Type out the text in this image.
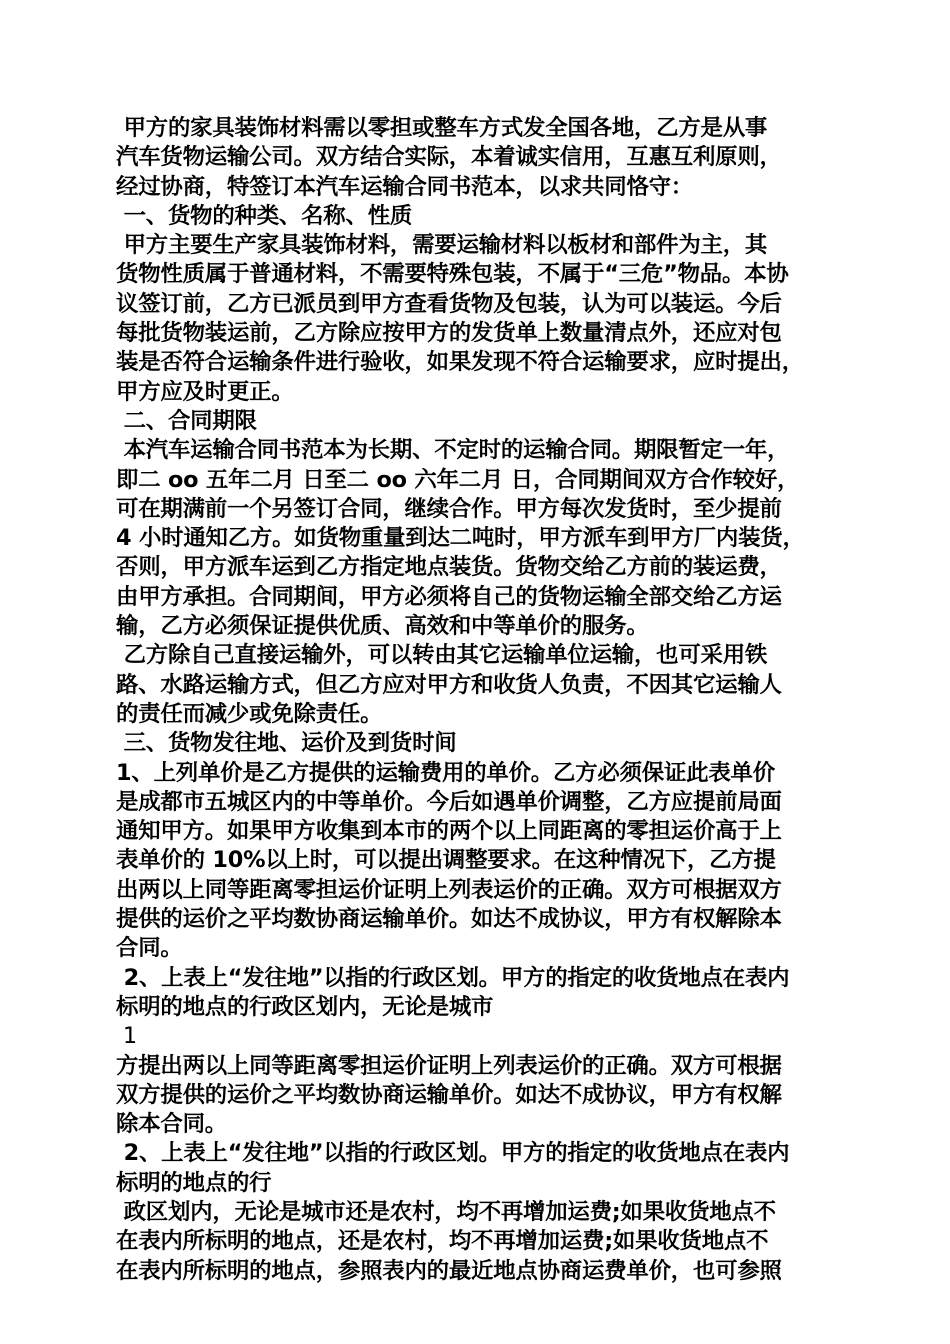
甲方的家具装饰材料需以零担或整车方式发全国各地，乙方是从事

汽车货物运输公司。双方结合实际，本着诚实信用，互惠互利原则，

经过协商，特签订本汽车运输合同书范本，以求共同恪守：

一、货物的种类、名称、性质

甲方主要生产家具装饰材料，需要运输材料以板材和部件为主，其

货物性质属于普通材料，不需要特殊包装，不属于“三危”物品。本协

议签订前，乙方已派员到甲方查看货物及包装，认为可以装运。今后

每批货物装运前，乙方除应按甲方的发货单上数量清点外，还应对包

装是否符合运输条件进行验收，如果发现不符合运输要求，应时提出，

甲方应及时更正。

二、合同期限

本汽车运输合同书范本为长期、不定时的运输合同。期限暂定一年，

即二 oo 五年二月 日至二 oo 六年二月 日，合同期间双方合作较好，

可在期满前一个另签订合同，继续合作。甲方每次发货时，至少提前

4 小时通知乙方。如货物重量到达二吨时，甲方派车到甲方厂内装货，

否则，甲方派车运到乙方指定地点装货。货物交给乙方前的装运费，

由甲方承担。合同期间，甲方必须将自己的货物运输全部交给乙方运

输，乙方必须保证提供优质、高效和中等单价的服务。

乙方除自己直接运输外，可以转由其它运输单位运输，也可采用铁

路、水路运输方式，但乙方应对甲方和收货人负责，不因其它运输人

的责任而减少或免除责任。

三、货物发往地、运价及到货时间

1、上列单价是乙方提供的运输费用的单价。乙方必须保证此表单价

是成都市五城区内的中等单价。今后如遇单价调整，乙方应提前局面

通知甲方。如果甲方收集到本市的两个以上同距离的零担运价高于上

表单价的 10%以上时，可以提出调整要求。在这种情况下，乙方提

出两以上同等距离零担运价证明上列表运价的正确。双方可根据双方

提供的运价之平均数协商运输单价。如达不成协议，甲方有权解除本

合同。

2、上表上“发往地”以指的行政区划。甲方的指定的收货地点在表内

标明的地点的行政区划内，无论是城市

1

方提出两以上同等距离零担运价证明上列表运价的正确。双方可根据

双方提供的运价之平均数协商运输单价。如达不成协议，甲方有权解

除本合同。

2、上表上“发往地”以指的行政区划。甲方的指定的收货地点在表内

标明的地点的行

政区划内，无论是城市还是农村，均不再增加运费;如果收货地点不

在表内所标明的地点，还是农村，均不再增加运费;如果收货地点不

在表内所标明的地点，参照表内的最近地点协商运费单价，也可参照
